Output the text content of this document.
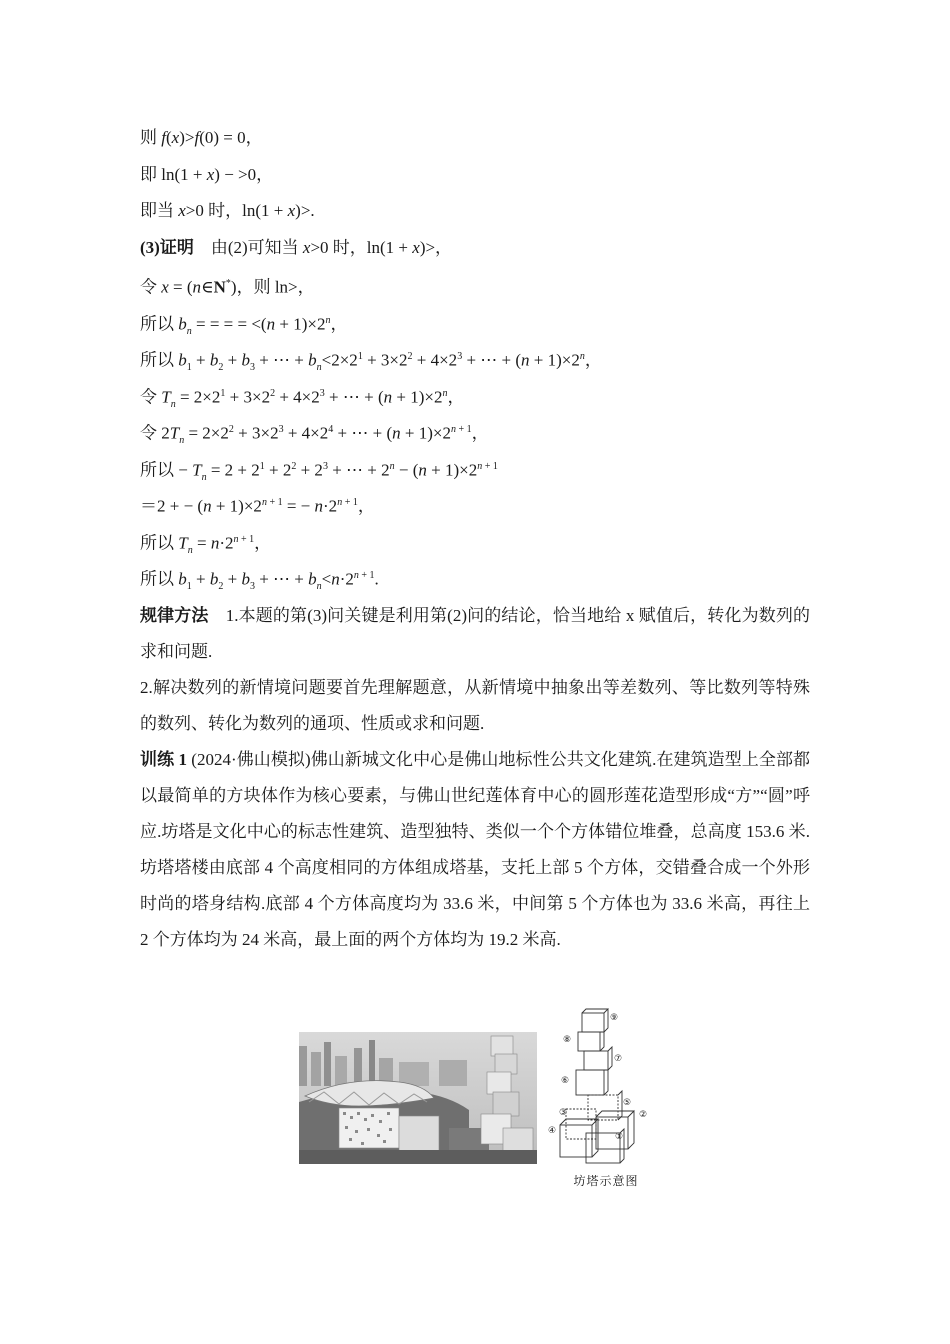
则 f(x)>f(0) = 0，
即 ln(1 + x) − >0，
即当 x>0 时，ln(1 + x)>.
(3)证明　由(2)可知当 x>0 时，ln(1 + x)>，
令 x = (n∈N*)，则 ln>，
所以 $b_n$ = = = = $<(n + 1)\times 2^n$，
所以 $b_1 + b_2 + b_3$ + ⋯ + $b_n<2\times 2^1 + 3\times 2^2 + 4\times 2^3$ + ⋯ + $(n + 1)\times 2^n$，
令 $T_n = 2\times 2^1 + 3\times 2^2 + 4\times 2^3$ + ⋯ + $(n + 1)\times 2^n$，
令 $2T_n = 2\times 2^2 + 3\times 2^3 + 4\times 2^4$ + ⋯ + $(n + 1)\times 2^{n + 1}$，
所以 − $T_n = 2 + 2^1 + 2^2 + 2^3$ + ⋯ + $2^n - (n + 1)\times 2^{n + 1}$
＝2 + − $(n + 1)\times 2^{n + 1}$ = − $n\cdot 2^{n + 1}$，
所以 $T_n = n\cdot 2^{n + 1}$，
所以 $b_1 + b_2 + b_3$ + ⋯ + $b_n<n\cdot 2^{n + 1}$.
规律方法　 1.本题的第(3)问关键是利用第(2)问的结论，恰当地给 x 赋值后，转化为数列的求和问题.
2.解决数列的新情境问题要首先理解题意，从新情境中抽象出等差数列、等比数列等特殊的数列、转化为数列的通项、性质或求和问题.
训练 1 (2024·佛山模拟)佛山新城文化中心是佛山地标性公共文化建筑.在建筑造型上全部都以最简单的方块体作为核心要素，与佛山世纪莲体育中心的圆形莲花造型形成“方”“圆”呼应.坊塔是文化中心的标志性建筑、造型独特、类似一个个方体错位堆叠，总高度 153.6 米.坊塔塔楼由底部 4 个高度相同的方体组成塔基，支托上部 5 个方体，交错叠合成一个外形时尚的塔身结构.底部 4 个方体高度均为 33.6 米，中间第 5 个方体也为 33.6 米高，再往上 2 个方体均为 24 米高，最上面的两个方体均为 19.2 米高.
⑨
⑧
⑦
⑥
⑤
③	②
④
①
坊塔示意图
